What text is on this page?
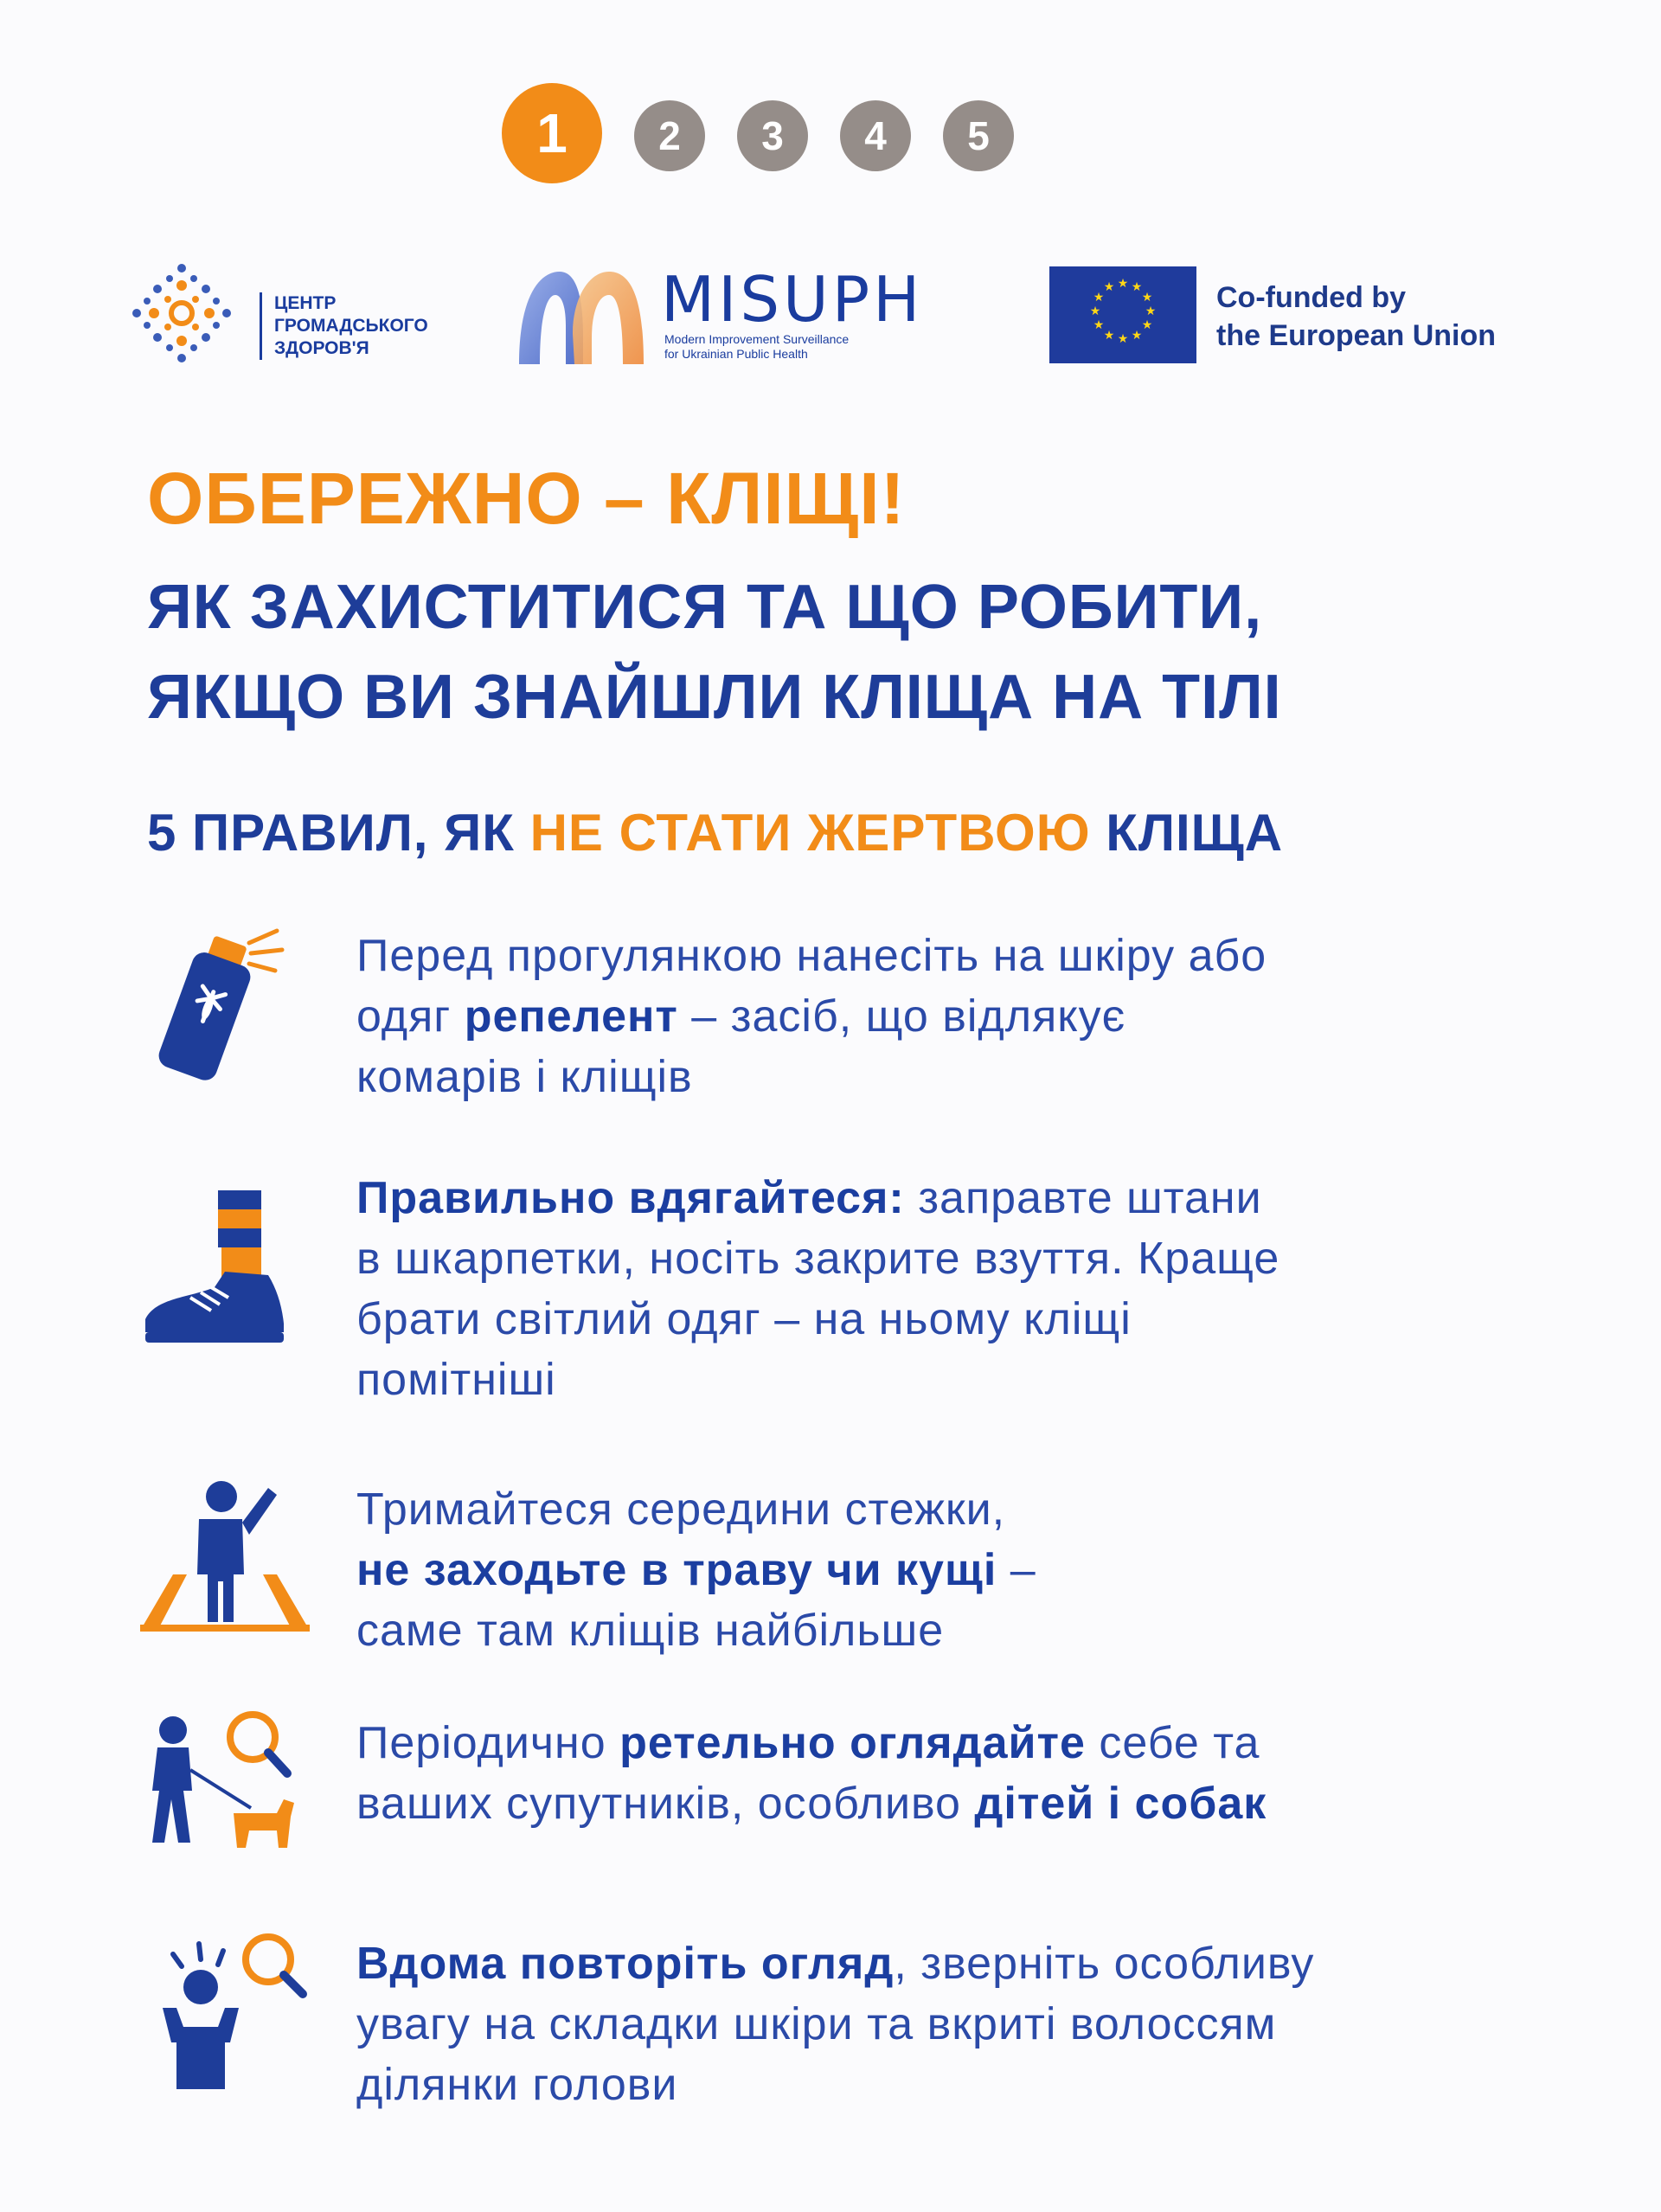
1	2	3	4	5
ЦЕНТР
ГРОМАДСЬКОГО
ЗДОРОВ'Я
MISUPH
Modern Improvement Surveillance
for Ukrainian Public Health
★ ★
★
★
★
★
★
★
★
★
★
★	Co-funded by
the European Union
ОБЕРЕЖНО – КЛІЩІ!
ЯК ЗАХИСТИТИСЯ ТА ЩО РОБИТИ,
ЯКЩО ВИ ЗНАЙШЛИ КЛІЩА НА ТІЛІ
5 ПРАВИЛ, ЯК НЕ СТАТИ ЖЕРТВОЮ КЛІЩА
Перед прогулянкою нанесіть на шкіру або
одяг репелент – засіб, що відлякує
комарів і кліщів
Правильно вдягайтеся: заправте штани
в шкарпетки, носіть закрите взуття. Краще
брати світлий одяг – на ньому кліщі
помітніші
Тримайтеся середини стежки,
не заходьте в траву чи кущі –
саме там кліщів найбільше
Періодично ретельно оглядайте себе та
ваших супутників, особливо дітей і собак
Вдома повторіть огляд, зверніть особливу
увагу на складки шкіри та вкриті волоссям
ділянки голови
